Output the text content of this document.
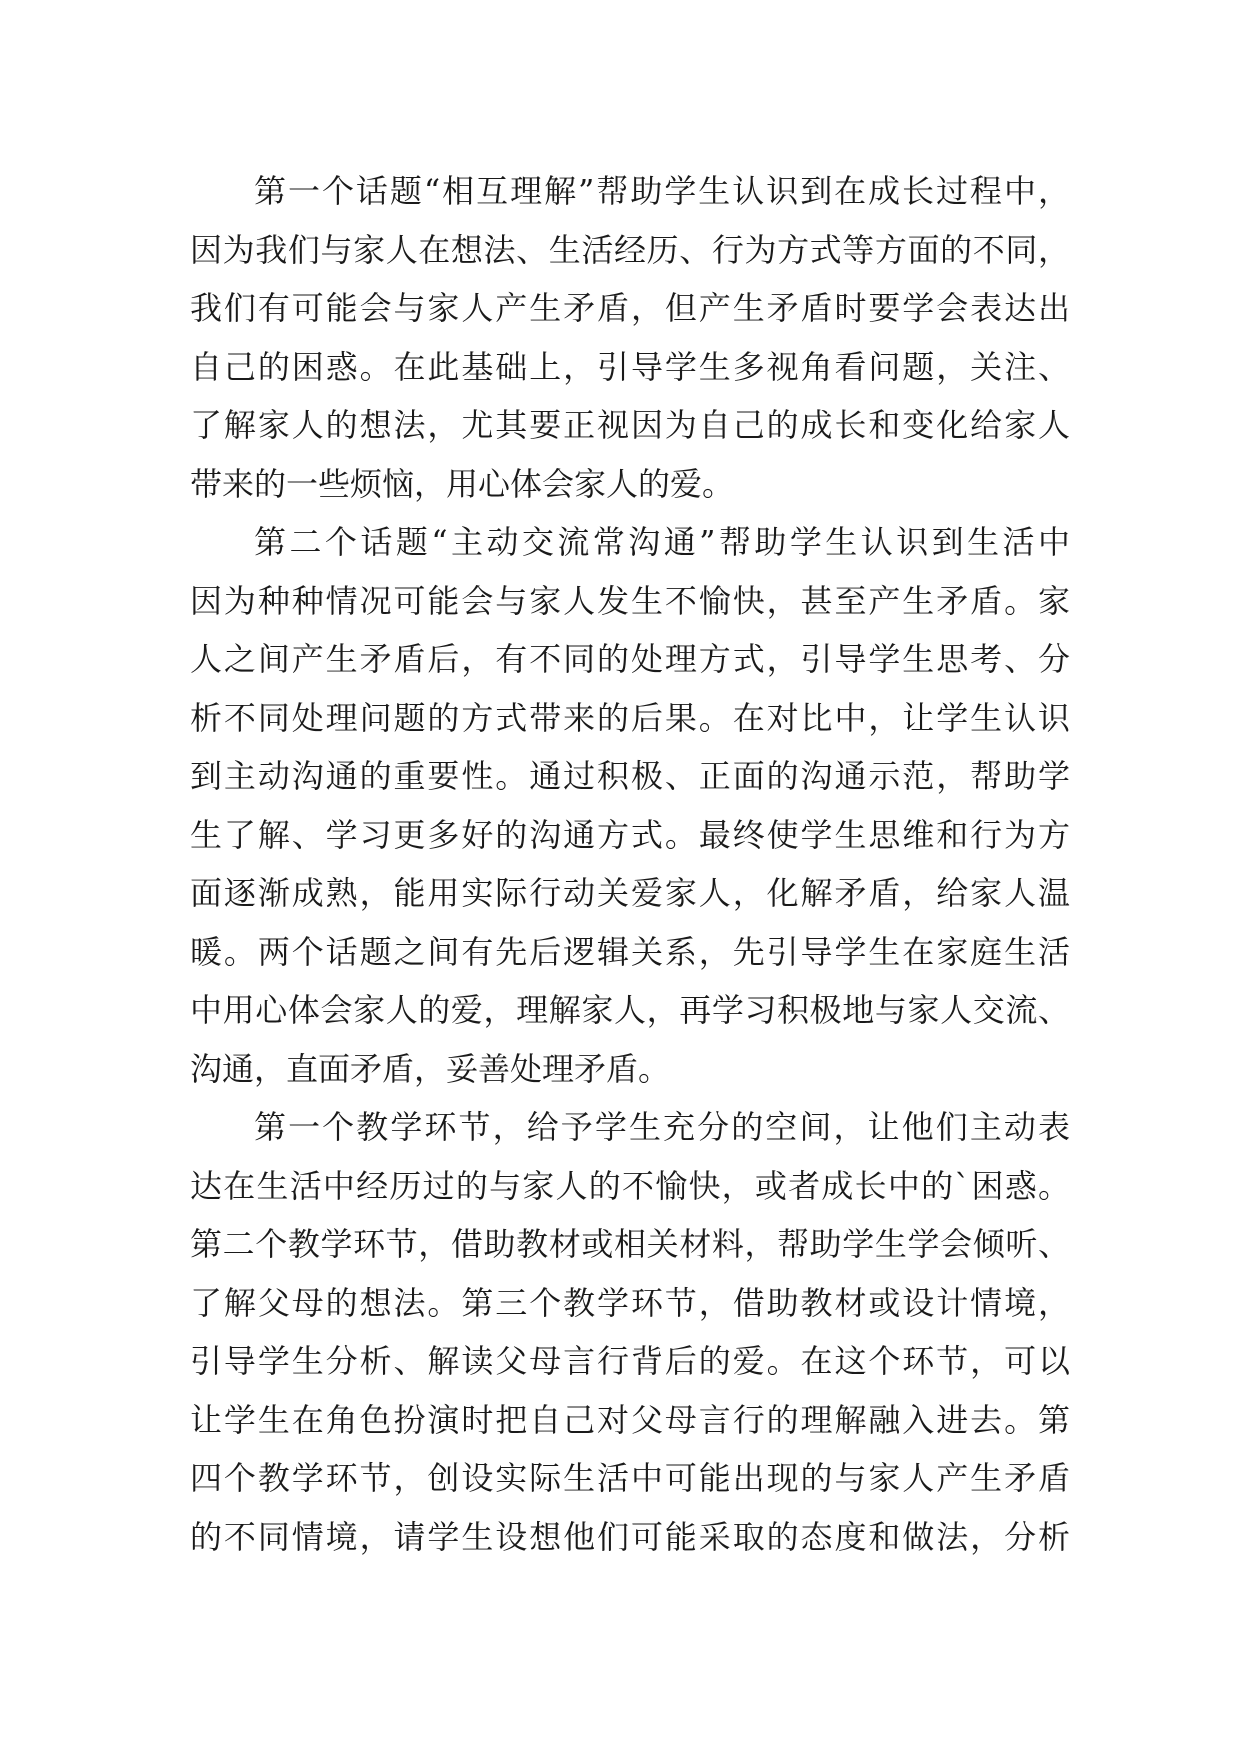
第一个话题“相互理解”帮助学生认识到在成长过程中，
因为我们与家人在想法、生活经历、行为方式等方面的不同，
我们有可能会与家人产生矛盾，但产生矛盾时要学会表达出
自己的困惑。在此基础上，引导学生多视角看问题，关注、
了解家人的想法，尤其要正视因为自己的成长和变化给家人
带来的一些烦恼，用心体会家人的爱。
第二个话题“主动交流常沟通”帮助学生认识到生活中
因为种种情况可能会与家人发生不愉快，甚至产生矛盾。家
人之间产生矛盾后，有不同的处理方式，引导学生思考、分
析不同处理问题的方式带来的后果。在对比中，让学生认识
到主动沟通的重要性。通过积极、正面的沟通示范，帮助学
生了解、学习更多好的沟通方式。最终使学生思维和行为方
面逐渐成熟，能用实际行动关爱家人，化解矛盾，给家人温
暖。两个话题之间有先后逻辑关系，先引导学生在家庭生活
中用心体会家人的爱，理解家人，再学习积极地与家人交流、
沟通，直面矛盾，妥善处理矛盾。
第一个教学环节，给予学生充分的空间，让他们主动表
达在生活中经历过的与家人的不愉快，或者成长中的`困惑。
第二个教学环节，借助教材或相关材料，帮助学生学会倾听、
了解父母的想法。第三个教学环节，借助教材或设计情境，
引导学生分析、解读父母言行背后的爱。在这个环节，可以
让学生在角色扮演时把自己对父母言行的理解融入进去。第
四个教学环节，创设实际生活中可能出现的与家人产生矛盾
的不同情境，请学生设想他们可能采取的态度和做法，分析
